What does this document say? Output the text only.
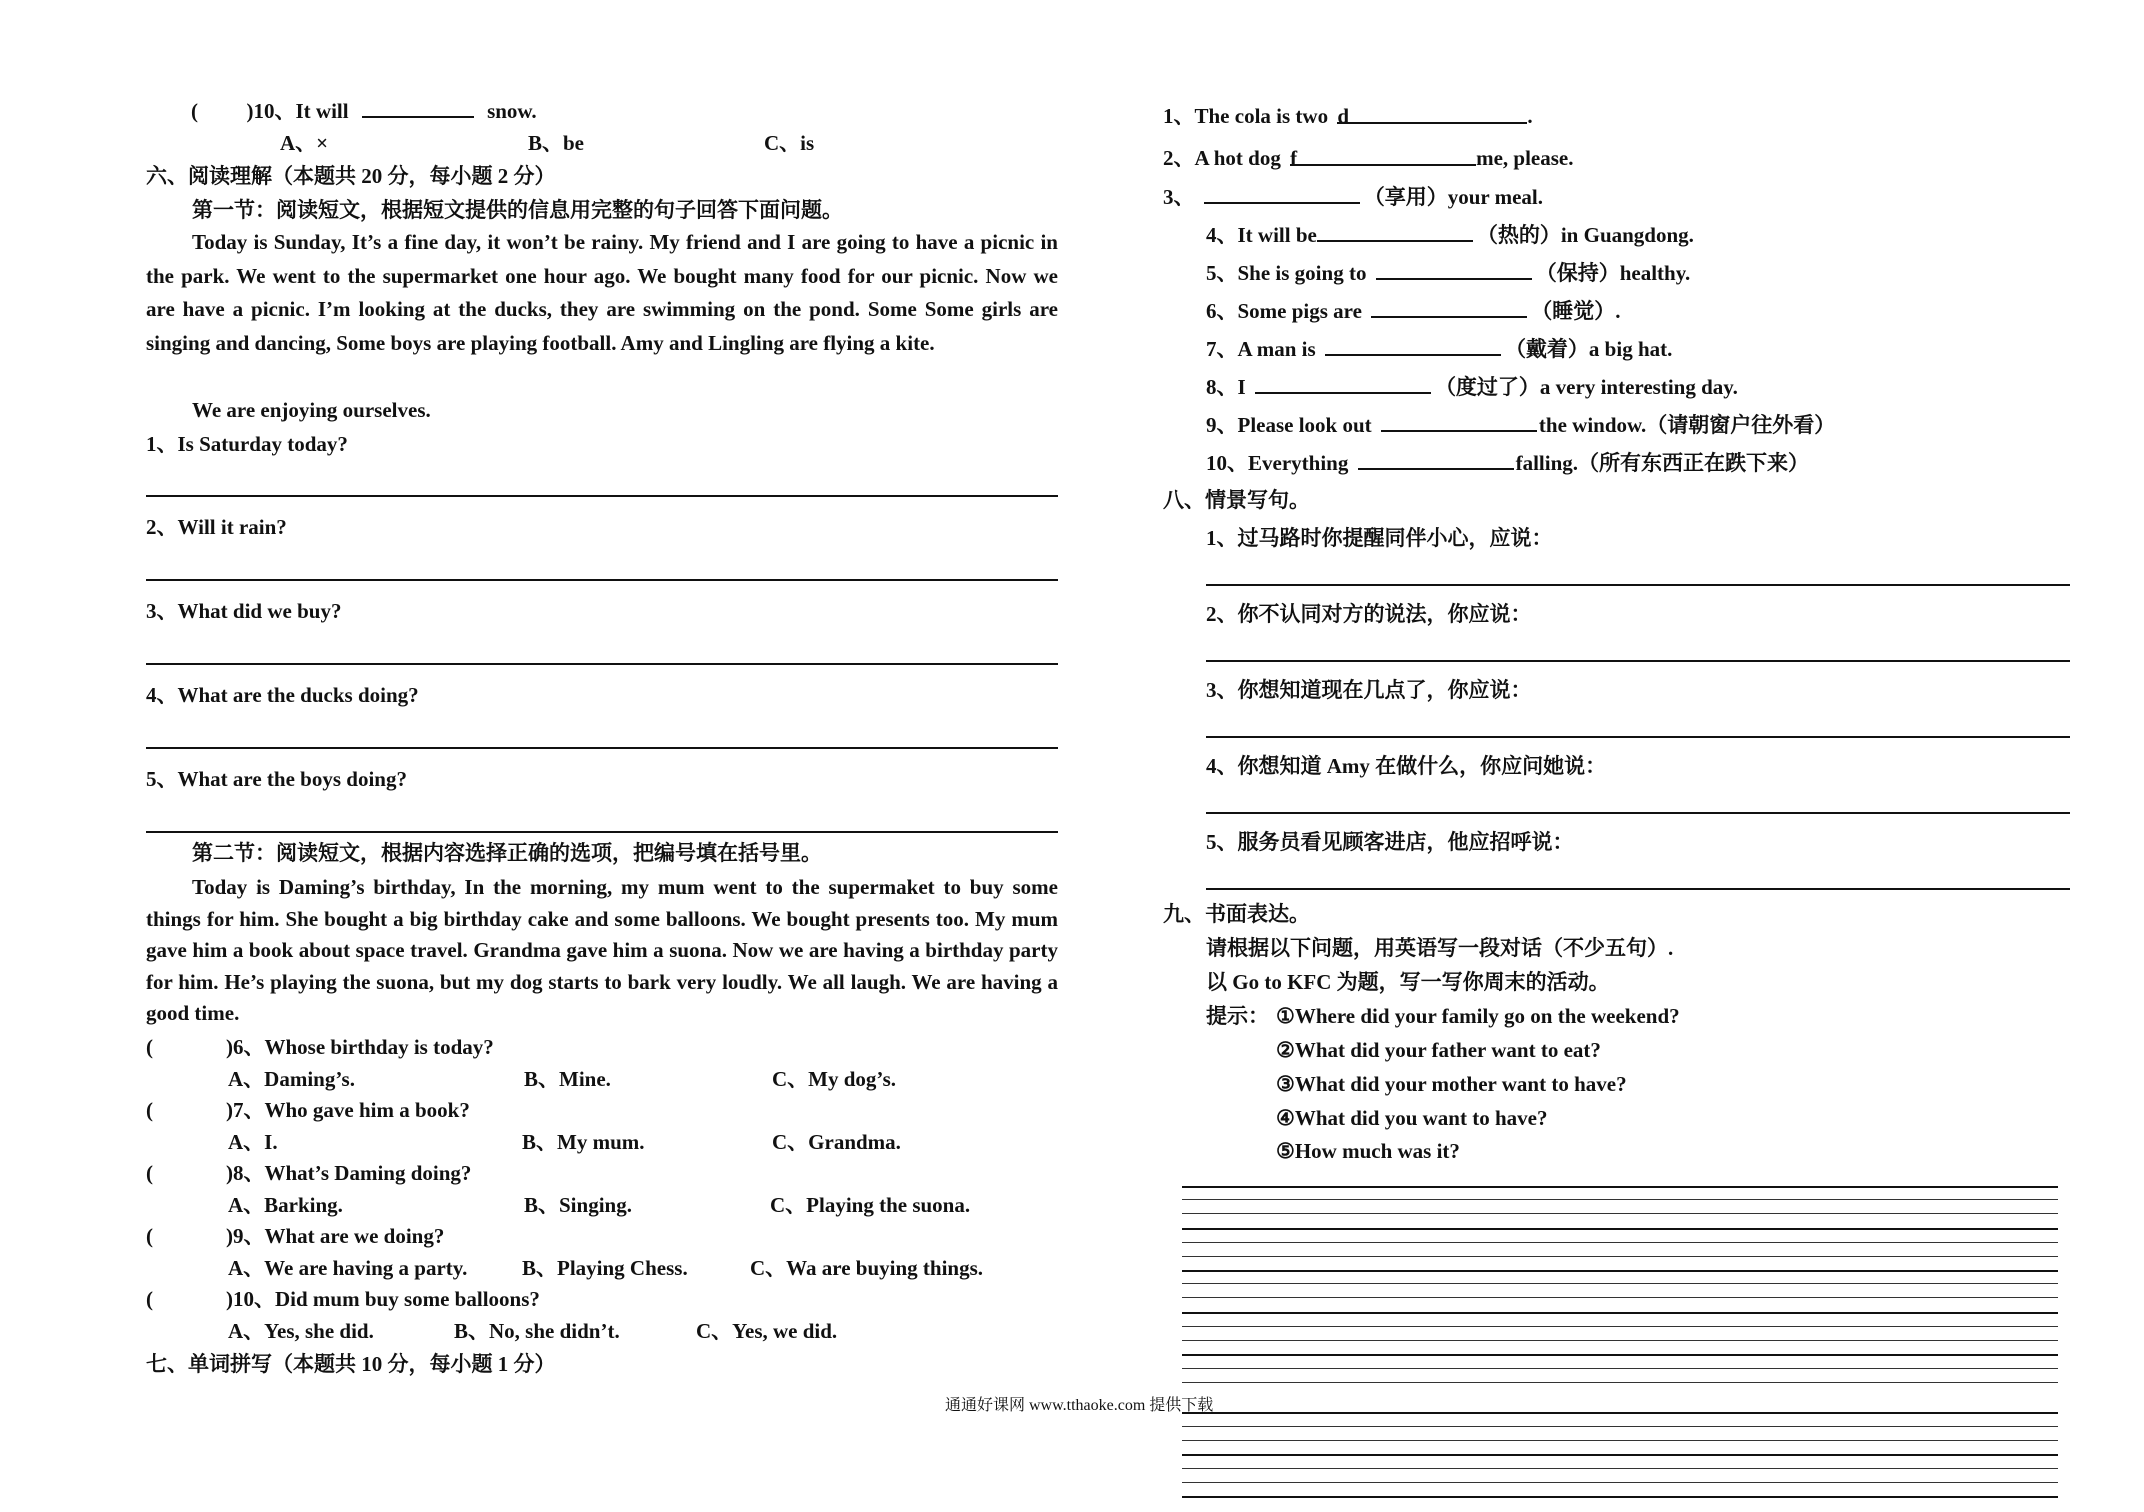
( )10、It will	snow.
A、×	B、be	C、is
六、阅读理解（本题共 20 分，每小题 2 分）
第一节：阅读短文，根据短文提供的信息用完整的句子回答下面问题。
Today is Sunday, It’s a fine day, it won’t be rainy. My friend and I are going to have a picnic in the park. We went to the supermarket one hour ago. We bought many food for our picnic. Now we are have a picnic. I’m looking at the ducks, they are swimming on the pond. Some Some girls are singing and dancing, Some boys are playing football. Amy and Lingling are flying a kite.
We are enjoying ourselves.
1、Is Saturday today?
2、Will it rain?
3、What did we buy?
4、What are the ducks doing?
5、What are the boys doing?
第二节：阅读短文，根据内容选择正确的选项，把编号填在括号里。
Today is Daming’s birthday, In the morning, my mum went to the supermaket to buy some things for him. She bought a big birthday cake and some balloons. We bought presents too. My mum gave him a book about space travel. Grandma gave him a suona. Now we are having a birthday party for him. He’s playing the suona, but my dog starts to bark very loudly. We all laugh. We are having a good time.
(	)6、Whose birthday is today?
A、Daming’s.	B、Mine.	C、My dog’s.
(	)7、Who gave him a book?
A、I.	B、My mum.	C、Grandma.
(	)8、What’s Daming doing?
A、Barking.	B、Singing.	C、Playing the suona.
(	)9、What are we doing?
A、We are having a party.	B、Playing Chess.	C、Wa are buying things.
(	)10、Did mum buy some balloons?
A、Yes, she did.	B、No, she didn’t.	C、Yes, we did.
七、单词拼写（本题共 10 分，每小题 1 分）
1、The cola is two d	.
2、A hot dog f	me, please.
3、	（享用）your meal.
4、It will be	（热的）in Guangdong.
5、She is going to	（保持）healthy.
6、Some pigs are	（睡觉）.
7、A man is	（戴着）a big hat.
8、I	（度过了）a very interesting day.
9、Please look out	the window.（请朝窗户往外看）
10、Everything	falling.（所有东西正在跌下来）
八、情景写句。
1、过马路时你提醒同伴小心，应说：
2、你不认同对方的说法，你应说：
3、你想知道现在几点了，你应说：
4、你想知道 Amy 在做什么，你应问她说：
5、服务员看见顾客进店，他应招呼说：
九、书面表达。
请根据以下问题，用英语写一段对话（不少五句）.
以 Go to KFC 为题，写一写你周末的活动。
提示： ①Where did your family go on the weekend?
②What did your father want to eat?
③What did your mother want to have?
④What did you want to have?
⑤How much was it?
通通好课网 www.tthaoke.com 提供下载
